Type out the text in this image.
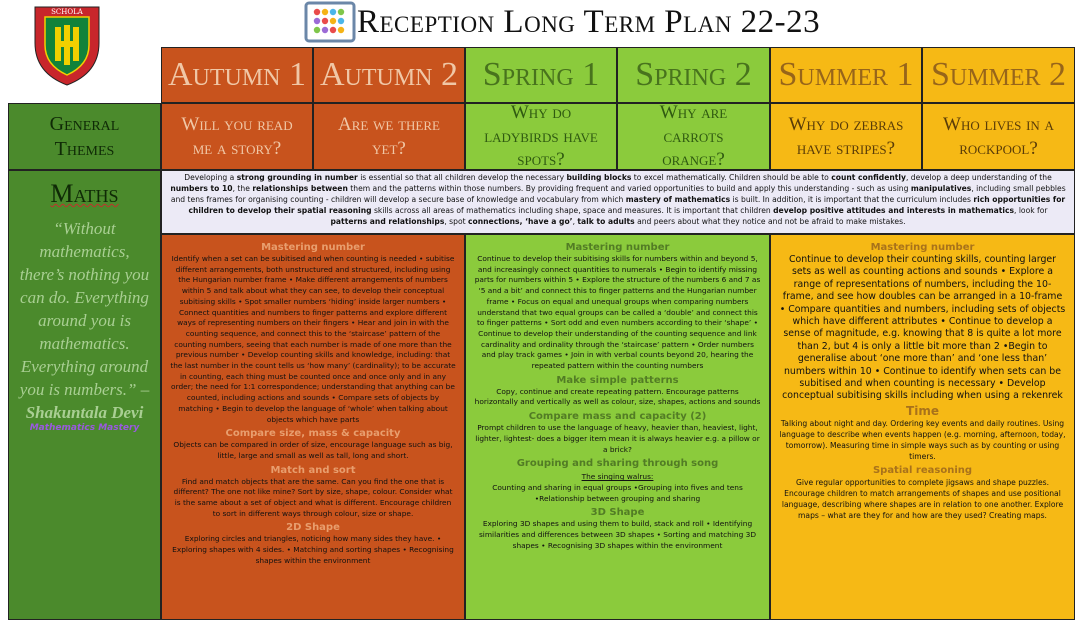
SCHOLA	Reception Long Term Plan 22-23
Autumn 1 Autumn 2 Spring 1	Spring 2 Summer 1 Summer 2
General Themes
Will you read me a story?
Are we there yet?
Why do ladybirds have spots?
Why are carrots orange?
Why do zebras have stripes?
Who lives in a rockpool?
Maths
“Without mathematics, there’s nothing you can do. Everything around you is mathematics. Everything around you is numbers.” –
Shakuntala Devi
Mathematics Mastery
Developing a strong grounding in number is essential so that all children develop the necessary building blocks to excel mathematically. Children should be able to count confidently, develop a deep understanding of the numbers to 10, the relationships between them and the patterns within those numbers. By providing frequent and varied opportunities to build and apply this understanding - such as using manipulatives, including small pebbles and tens frames for organising counting - children will develop a secure base of knowledge and vocabulary from which mastery of mathematics is built. In addition, it is important that the curriculum includes rich opportunities for children to develop their spatial reasoning skills across all areas of mathematics including shape, space and measures. It is important that children develop positive attitudes and interests in mathematics, look for patterns and relationships, spot connections, ‘have a go’, talk to adults and peers about what they notice and not be afraid to make mistakes.
Mastering number

Identify when a set can be subitised and when counting is needed • subitise different arrangements, both unstructured and structured, including using the Hungarian number frame • Make different arrangements of numbers within 5 and talk about what they can see, to develop their conceptual subitising skills • Spot smaller numbers ‘hiding’ inside larger numbers • Connect quantities and numbers to finger patterns and explore different ways of representing numbers on their fingers • Hear and join in with the counting sequence, and connect this to the ‘staircase’ pattern of the counting numbers, seeing that each number is made of one more than the previous number • Develop counting skills and knowledge, including: that the last number in the count tells us ‘how many’ (cardinality); to be accurate in counting, each thing must be counted once and once only and in any order; the need for 1:1 correspondence; understanding that anything can be counted, including actions and sounds • Compare sets of objects by matching • Begin to develop the language of ‘whole’ when talking about objects which have parts

Compare size, mass & capacity

Objects can be compared in order of size, encourage language such as big, little, large and small as well as tall, long and short.

Match and sort

Find and match objects that are the same. Can you find the one that is different? The one not like mine? Sort by size, shape, colour. Consider what is the same about a set of object and what is different. Encourage children to sort in different ways through colour, size or shape.

2D Shape

Exploring circles and triangles, noticing how many sides they have. • Exploring shapes with 4 sides. • Matching and sorting shapes • Recognising shapes within the environment

Mastering number

Continue to develop their subitising skills for numbers within and beyond 5, and increasingly connect quantities to numerals • Begin to identify missing parts for numbers within 5 • Explore the structure of the numbers 6 and 7 as ‘5 and a bit’ and connect this to finger patterns and the Hungarian number frame • Focus on equal and unequal groups when comparing numbers

understand that two equal groups can be called a ‘double’ and connect this to finger patterns • Sort odd and even numbers according to their ‘shape’ • Continue to develop their understanding of the counting sequence and link cardinality and ordinality through the ‘staircase’ pattern • Order numbers and play track games • Join in with verbal counts beyond 20, hearing the repeated pattern within the counting numbers

Make simple patterns

Copy, continue and create repeating pattern. Encourage patterns horizontally and vertically as well as colour, size, shapes, actions and sounds

Compare mass and capacity (2)

Prompt children to use the language of heavy, heavier than, heaviest, light, lighter, lightest- does a bigger item mean it is always heavier e.g. a pillow or a brick?

Grouping and sharing through song
The singing walrus:

Counting and sharing in equal groups •Grouping into fives and tens •Relationship between grouping and sharing

3D Shape

Exploring 3D shapes and using them to build, stack and roll • Identifying similarities and differences between 3D shapes • Sorting and matching 3D shapes • Recognising 3D shapes within the environment

Mastering number

Continue to develop their counting skills, counting larger sets as well as counting actions and sounds • Explore a range of representations of numbers, including the 10-frame, and see how doubles can be arranged in a 10-frame • Compare quantities and numbers, including sets of objects which have different attributes • Continue to develop a sense of magnitude, e.g. knowing that 8 is quite a lot more than 2, but 4 is only a little bit more than 2 •Begin to generalise about ‘one more than’ and ‘one less than’ numbers within 10 • Continue to identify when sets can be subitised and when counting is necessary • Develop conceptual subitising skills including when using a rekenrek

Time

Talking about night and day. Ordering key events and daily routines. Using language to describe when events happen (e.g. morning, afternoon, today, tomorrow). Measuring time in simple ways such as by counting or using timers.

Spatial reasoning

Give regular opportunities to complete jigsaws and shape puzzles. Encourage children to match arrangements of shapes and use positional language, describing where shapes are in relation to one another. Explore maps – what are they for and how are they used? Creating maps.
